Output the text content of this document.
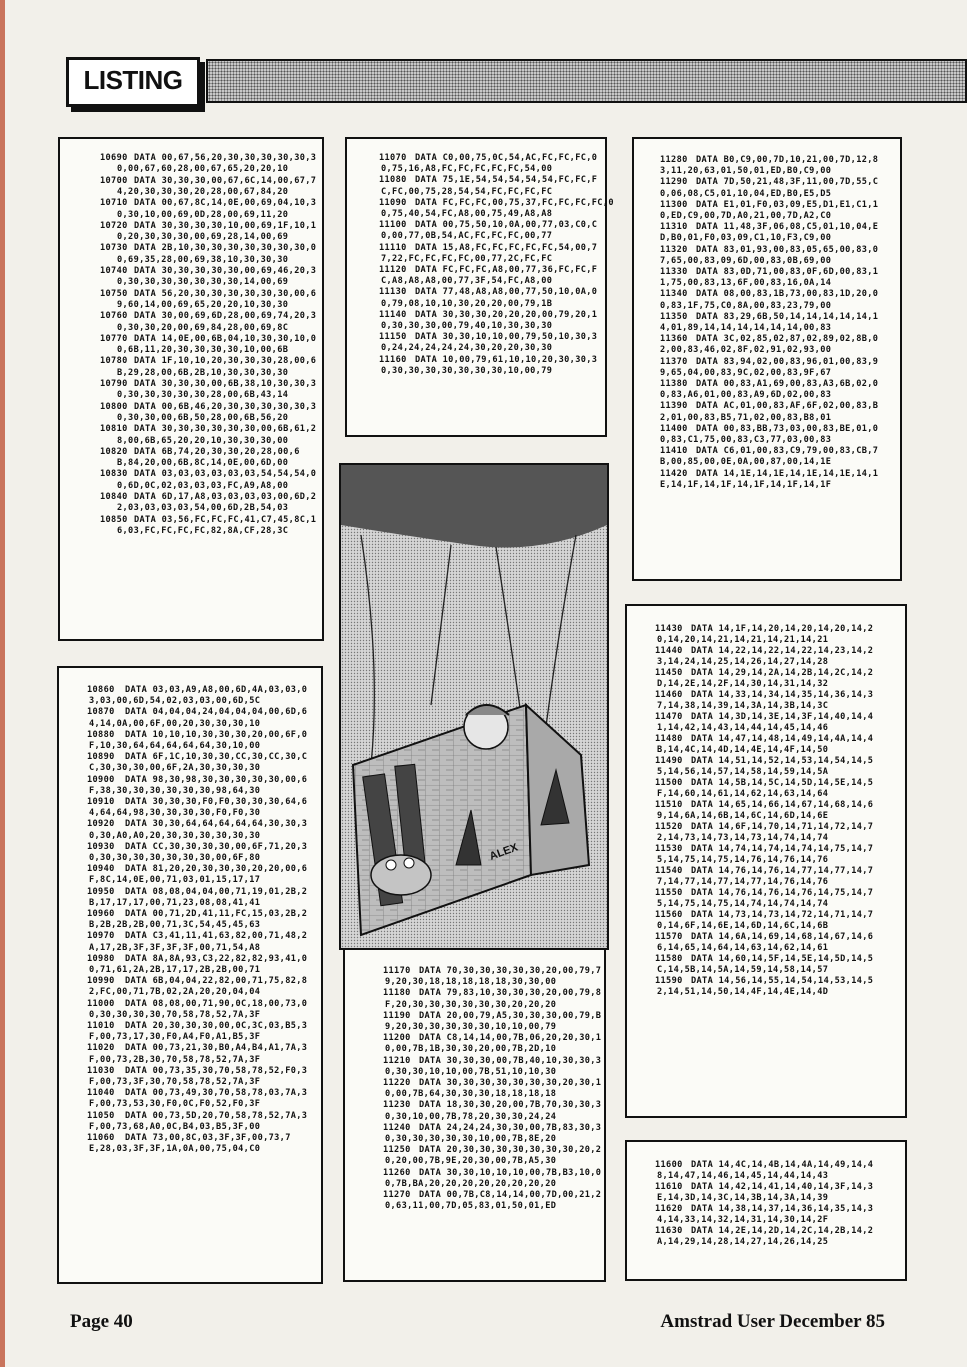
LISTING
10690 DATA 00,67,56,20,30,30,30,30,30,3
0,00,67,60,28,00,67,65,20,20,10
10700 DATA 30,30,30,00,67,6C,14,00,67,7
4,20,30,30,30,20,28,00,67,84,20
10710 DATA 00,67,8C,14,0E,00,69,04,10,3
0,30,10,00,69,0D,28,00,69,11,20
10720 DATA 30,30,30,30,10,00,69,1F,10,1
0,20,30,30,30,00,69,28,14,00,69
10730 DATA 2B,10,30,30,30,30,30,30,30,0
0,69,35,28,00,69,38,10,30,30,30
10740 DATA 30,30,30,30,30,00,69,46,20,3
0,30,30,30,30,30,30,30,14,00,69
10750 DATA 56,20,30,30,30,30,30,30,00,6
9,60,14,00,69,65,20,20,10,30,30
10760 DATA 30,00,69,6D,28,00,69,74,20,3
0,30,30,20,00,69,84,28,00,69,8C
10770 DATA 14,0E,00,6B,04,10,30,30,10,0
0,6B,11,20,30,30,30,30,10,00,6B
10780 DATA 1F,10,10,20,30,30,30,28,00,6
B,29,28,00,6B,2B,10,30,30,30,30
10790 DATA 30,30,30,00,6B,38,10,30,30,3
0,30,30,30,30,30,28,00,6B,43,14
10800 DATA 00,6B,46,20,30,30,30,30,30,3
0,30,30,00,6B,50,28,00,6B,56,20
10810 DATA 30,30,30,30,30,30,00,6B,61,2
8,00,6B,65,20,20,10,30,30,30,00
10820 DATA 6B,74,20,30,30,20,28,00,6
B,84,20,00,6B,8C,14,0E,00,6D,00
10830 DATA 03,03,03,03,03,03,54,54,54,0
0,6D,0C,02,03,03,03,FC,A9,A8,00
10840 DATA 6D,17,A8,03,03,03,03,00,6D,2
2,03,03,03,03,54,00,6D,2B,54,03
10850 DATA 03,56,FC,FC,FC,41,C7,45,8C,1
6,03,FC,FC,FC,FC,82,8A,CF,28,3C
11070 DATA C0,00,75,0C,54,AC,FC,FC,FC,0
0,75,16,A8,FC,FC,FC,FC,FC,54,00
11080 DATA 75,1E,54,54,54,54,54,FC,FC,F
C,FC,00,75,28,54,54,FC,FC,FC,FC
11090 DATA FC,FC,FC,00,75,37,FC,FC,FC,FC,0
0,75,40,54,FC,A8,00,75,49,A8,A8
11100 DATA 00,75,50,10,0A,00,77,03,C0,C
0,00,77,0B,54,AC,FC,FC,FC,00,77
11110 DATA 15,A8,FC,FC,FC,FC,FC,54,00,7
7,22,FC,FC,FC,FC,00,77,2C,FC,FC
11120 DATA FC,FC,FC,A8,00,77,36,FC,FC,F
C,A8,A8,A8,00,77,3F,54,FC,A8,00
11130 DATA 77,48,A8,A8,00,77,50,10,0A,0
0,79,08,10,10,30,20,20,00,79,1B
11140 DATA 30,30,30,20,20,20,00,79,20,1
0,30,30,30,00,79,40,10,30,30,30
11150 DATA 30,30,10,10,00,79,50,10,30,3
0,24,24,24,24,24,30,20,20,30,30
11160 DATA 10,00,79,61,10,10,20,30,30,3
0,30,30,30,30,30,30,30,10,00,79
11280 DATA B0,C9,00,7D,10,21,00,7D,12,8
3,11,20,63,01,50,01,ED,B0,C9,00
11290 DATA 7D,50,21,48,3F,11,00,7D,55,C
0,06,08,C5,01,10,04,ED,B0,E5,D5
11300 DATA E1,01,F0,03,09,E5,D1,E1,C1,1
0,ED,C9,00,7D,A0,21,00,7D,A2,C0
11310 DATA 11,48,3F,06,08,C5,01,10,04,E
D,B0,01,F0,03,09,C1,10,F3,C9,00
11320 DATA 83,01,93,00,83,05,65,00,83,0
7,65,00,83,09,6D,00,83,0B,69,00
11330 DATA 83,0D,71,00,83,0F,6D,00,83,1
1,75,00,83,13,6F,00,83,16,0A,14
11340 DATA 08,00,83,1B,73,00,83,1D,20,0
0,83,1F,75,C0,8A,00,83,23,79,00
11350 DATA 83,29,6B,50,14,14,14,14,14,1
4,01,89,14,14,14,14,14,14,00,83
11360 DATA 3C,02,85,02,87,02,89,02,8B,0
2,00,83,46,02,8F,02,91,02,93,00
11370 DATA 83,94,02,00,83,96,01,00,83,9
9,65,04,00,83,9C,02,00,83,9F,67
11380 DATA 00,83,A1,69,00,83,A3,6B,02,0
0,83,A6,01,00,83,A9,6D,02,00,83
11390 DATA AC,01,00,83,AF,6F,02,00,83,B
2,01,00,83,B5,71,02,00,83,B8,01
11400 DATA 00,83,BB,73,03,00,83,BE,01,0
0,83,C1,75,00,83,C3,77,03,00,83
11410 DATA C6,01,00,83,C9,79,00,83,CB,7
B,00,85,00,0E,0A,00,87,00,14,1E
11420 DATA 14,1E,14,1E,14,1E,14,1E,14,1
E,14,1F,14,1F,14,1F,14,1F,14,1F
11430 DATA 14,1F,14,20,14,20,14,20,14,2
0,14,20,14,21,14,21,14,21,14,21
11440 DATA 14,22,14,22,14,22,14,23,14,2
3,14,24,14,25,14,26,14,27,14,28
11450 DATA 14,29,14,2A,14,2B,14,2C,14,2
D,14,2E,14,2F,14,30,14,31,14,32
11460 DATA 14,33,14,34,14,35,14,36,14,3
7,14,38,14,39,14,3A,14,3B,14,3C
11470 DATA 14,3D,14,3E,14,3F,14,40,14,4
1,14,42,14,43,14,44,14,45,14,46
11480 DATA 14,47,14,48,14,49,14,4A,14,4
B,14,4C,14,4D,14,4E,14,4F,14,50
11490 DATA 14,51,14,52,14,53,14,54,14,5
5,14,56,14,57,14,58,14,59,14,5A
11500 DATA 14,5B,14,5C,14,5D,14,5E,14,5
F,14,60,14,61,14,62,14,63,14,64
11510 DATA 14,65,14,66,14,67,14,68,14,6
9,14,6A,14,6B,14,6C,14,6D,14,6E
11520 DATA 14,6F,14,70,14,71,14,72,14,7
2,14,73,14,73,14,73,14,74,14,74
11530 DATA 14,74,14,74,14,74,14,75,14,7
5,14,75,14,75,14,76,14,76,14,76
11540 DATA 14,76,14,76,14,77,14,77,14,7
7,14,77,14,77,14,77,14,76,14,76
11550 DATA 14,76,14,76,14,76,14,75,14,7
5,14,75,14,75,14,74,14,74,14,74
11560 DATA 14,73,14,73,14,72,14,71,14,7
0,14,6F,14,6E,14,6D,14,6C,14,6B
11570 DATA 14,6A,14,69,14,68,14,67,14,6
6,14,65,14,64,14,63,14,62,14,61
11580 DATA 14,60,14,5F,14,5E,14,5D,14,5
C,14,5B,14,5A,14,59,14,58,14,57
11590 DATA 14,56,14,55,14,54,14,53,14,5
2,14,51,14,50,14,4F,14,4E,14,4D
10860 DATA 03,03,A9,A8,00,6D,4A,03,03,0
3,03,00,6D,54,02,03,03,00,6D,5C
10870 DATA 04,04,04,24,04,04,04,00,6D,6
4,14,0A,00,6F,00,20,30,30,30,10
10880 DATA 10,10,10,30,30,30,20,00,6F,0
F,10,30,64,64,64,64,64,30,10,00
10890 DATA 6F,1C,10,30,30,CC,30,CC,30,C
C,30,30,30,00,6F,2A,30,30,30,30
10900 DATA 98,30,98,30,30,30,30,30,00,6
F,38,30,30,30,30,30,30,98,64,30
10910 DATA 30,30,30,F0,F0,30,30,30,64,6
4,64,64,98,30,30,30,30,F0,F0,30
10920 DATA 30,30,64,64,64,64,64,30,30,3
0,30,A0,A0,20,30,30,30,30,30,30
10930 DATA CC,30,30,30,30,00,6F,71,20,3
0,30,30,30,30,30,30,30,00,6F,80
10940 DATA 81,20,20,30,30,30,20,20,00,6
F,8C,14,0E,00,71,03,01,15,17,17
10950 DATA 08,08,04,04,00,71,19,01,2B,2
B,17,17,17,00,71,23,08,08,41,41
10960 DATA 00,71,2D,41,11,FC,15,03,2B,2
B,2B,2B,2B,00,71,3C,54,45,45,63
10970 DATA C3,41,11,41,63,82,00,71,48,2
A,17,2B,3F,3F,3F,3F,00,71,54,A8
10980 DATA 8A,8A,93,C3,22,82,82,93,41,0
0,71,61,2A,2B,17,17,2B,2B,00,71
10990 DATA 6B,04,04,22,82,00,71,75,82,8
2,FC,00,71,7B,02,2A,20,20,04,04
11000 DATA 08,08,00,71,90,0C,18,00,73,0
0,30,30,30,30,70,58,78,52,7A,3F
11010 DATA 20,30,30,30,00,0C,3C,03,B5,3
F,00,73,17,30,F0,A4,F0,A1,B5,3F
11020 DATA 00,73,21,30,B0,A4,B4,A1,7A,3
F,00,73,2B,30,70,58,78,52,7A,3F
11030 DATA 00,73,35,30,70,58,78,52,F0,3
F,00,73,3F,30,70,58,78,52,7A,3F
11040 DATA 00,73,49,30,70,58,78,03,7A,3
F,00,73,53,30,F0,0C,F0,52,F0,3F
11050 DATA 00,73,5D,20,70,58,78,52,7A,3
F,00,73,68,A0,0C,B4,03,B5,3F,00
11060 DATA 73,00,8C,03,3F,3F,00,73,7
E,28,03,3F,3F,1A,0A,00,75,04,C0
11170 DATA 70,30,30,30,30,30,20,00,79,7
9,20,30,18,18,18,18,18,30,30,00
11180 DATA 79,83,10,30,30,30,20,00,79,8
F,20,30,30,30,30,30,30,20,20,20
11190 DATA 20,00,79,A5,30,30,30,00,79,B
9,20,30,30,30,30,30,10,10,00,79
11200 DATA C8,14,14,00,7B,06,20,20,30,1
0,00,7B,1B,30,30,20,00,7B,2D,10
11210 DATA 30,30,30,00,7B,40,10,30,30,3
0,30,30,10,10,00,7B,51,10,10,30
11220 DATA 30,30,30,30,30,30,30,20,30,1
0,00,7B,64,30,30,30,18,18,18,18
11230 DATA 18,30,30,20,00,7B,70,30,30,3
0,30,10,00,7B,78,20,30,30,24,24
11240 DATA 24,24,24,30,30,00,7B,83,30,3
0,30,30,30,30,30,10,00,7B,8E,20
11250 DATA 20,30,30,30,30,30,30,30,20,2
0,20,00,7B,9E,20,30,00,7B,A5,30
11260 DATA 30,30,10,10,10,00,7B,B3,10,0
0,7B,BA,20,20,20,20,20,20,20,20
11270 DATA 00,7B,C8,14,14,00,7D,00,21,2
0,63,11,00,7D,05,83,01,50,01,ED
11600 DATA 14,4C,14,4B,14,4A,14,49,14,4
8,14,47,14,46,14,45,14,44,14,43
11610 DATA 14,42,14,41,14,40,14,3F,14,3
E,14,3D,14,3C,14,3B,14,3A,14,39
11620 DATA 14,38,14,37,14,36,14,35,14,3
4,14,33,14,32,14,31,14,30,14,2F
11630 DATA 14,2E,14,2D,14,2C,14,2B,14,2
A,14,29,14,28,14,27,14,26,14,25
ALEX
Page 40	Amstrad User December 85
